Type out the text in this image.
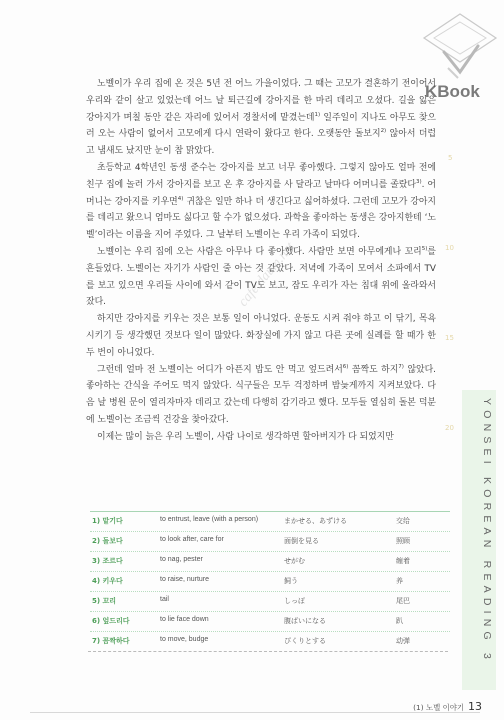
KBook
5
10
15
20

노벨이가 우리 집에 온 것은 5년 전 어느 가을이었다. 그 때는 고모가 결혼하기 전이어서 우리와 같이 살고 있었는데 어느 날 퇴근길에 강아지를 한 마리 데리고 오셨다. 길을 잃은 강아지가 며칠 동안 같은 자리에 있어서 경찰서에 맡겼는데$^{1)}$ 일주일이 지나도 아무도 찾으러 오는 사람이 없어서 고모에게 다시 연락이 왔다고 한다. 오랫동안 돌보지$^{2)}$ 않아서 더럽고 냄새도 났지만 눈이 참 맑았다.

초등학교 4학년인 동생 준수는 강아지를 보고 너무 좋아했다. 그렇지 않아도 얼마 전에 친구 집에 놀러 가서 강아지를 보고 온 후 강아지를 사 달라고 날마다 어머니를 졸랐다$^{3)}$. 어머니는 강아지를 키우면$^{4)}$ 귀찮은 일만 하나 더 생긴다고 싫어하셨다. 그런데 고모가 강아지를 데리고 왔으니 엄마도 싫다고 할 수가 없으셨다. 과학을 좋아하는 동생은 강아지한테 ‘노벨’이라는 이름을 지어 주었다. 그 날부터 노벨이는 우리 가족이 되었다.

노벨이는 우리 집에 오는 사람은 아무나 다 좋아했다. 사람만 보면 아무에게나 꼬리$^{5)}$를 흔들었다. 노벨이는 자기가 사람인 줄 아는 것 같았다. 저녁에 가족이 모여서 소파에서 TV를 보고 있으면 우리들 사이에 와서 같이 TV도 보고, 잠도 우리가 자는 침대 위에 올라와서 잤다.

하지만 강아지를 키우는 것은 보통 일이 아니었다. 운동도 시켜 줘야 하고 이 닦기, 목욕 시키기 등 생각했던 것보다 일이 많았다. 화장실에 가지 않고 다른 곳에 실례를 할 때가 한두 번이 아니었다.

그런데 얼마 전 노벨이는 어디가 아픈지 밥도 안 먹고 엎드려서$^{6)}$ 꼼짝도 하지$^{7)}$ 않았다. 좋아하는 간식을 주어도 먹지 않았다. 식구들은 모두 걱정하며 밤늦게까지 지켜보았다. 다음 날 병원 문이 열리자마자 데리고 갔는데 다행히 감기라고 했다. 모두들 열심히 돌본 덕분에 노벨이는 조금씩 건강을 찾아갔다.

이제는 많이 늙은 우리 노벨이, 사람 나이로 생각하면 할아버지가 다 되었지만

cafe.daum.net
YONSEI KOREAN READING 3
1) 맡기다	to entrust, leave (with a person)	まかせる、あずける	交给
2) 돌보다	to look after, care for	面倒を見る	照顾
3) 조르다	to nag, pester	せがむ	缠着
4) 키우다	to raise, nurture	飼う	养
5) 꼬리	tail	しっぽ	尾巴
6) 엎드리다	to lie face down	腹ばいになる	趴
7) 꼼짝하다	to move, budge	ぴくりとする	动弹
(1) 노벨 이야기 13
